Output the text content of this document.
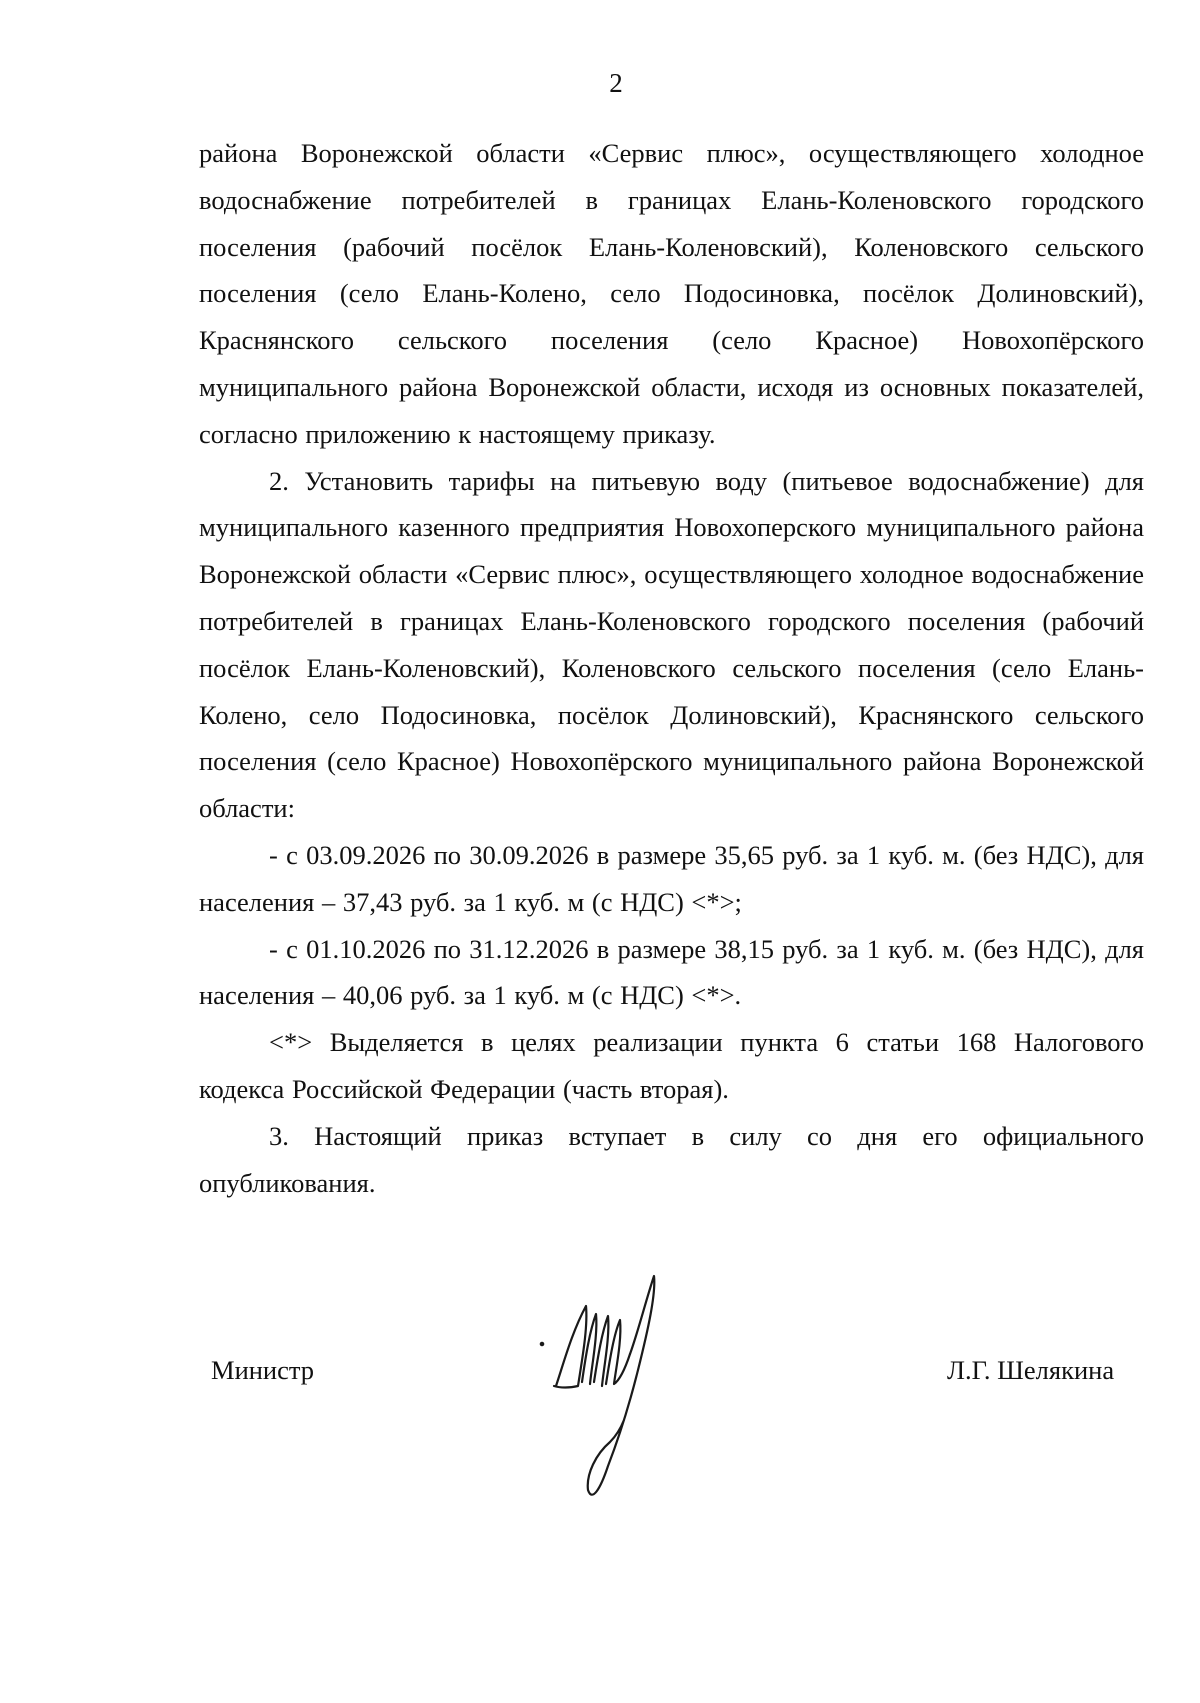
2

района Воронежской области «Сервис плюс», осуществляющего холодное водоснабжение потребителей в границах Елань-Коленовского городского поселения (рабочий посёлок Елань-Коленовский), Коленовского сельского поселения (село Елань-Колено, село Подосиновка, посёлок Долиновский), Краснянского сельского поселения (село Красное) Новохопёрского муниципального района Воронежской области, исходя из основных показателей, согласно приложению к настоящему приказу.

2. Установить тарифы на питьевую воду (питьевое водоснабжение) для муниципального казенного предприятия Новохоперского муниципального района Воронежской области «Сервис плюс», осуществляющего холодное водоснабжение потребителей в границах Елань-Коленовского городского поселения (рабочий посёлок Елань-Коленовский), Коленовского сельского поселения (село Елань-Колено, село Подосиновка, посёлок Долиновский), Краснянского сельского поселения (село Красное) Новохопёрского муниципального района Воронежской области:

- с 03.09.2026 по 30.09.2026 в размере 35,65 руб. за 1 куб. м. (без НДС), для населения – 37,43 руб. за 1 куб. м (с НДС) <*>;

- с 01.10.2026 по 31.12.2026 в размере 38,15 руб. за 1 куб. м. (без НДС), для населения – 40,06 руб. за 1 куб. м (с НДС) <*>.

<*> Выделяется в целях реализации пункта 6 статьи 168 Налогового кодекса Российской Федерации (часть вторая).

3. Настоящий приказ вступает в силу со дня его официального опубликования.

Министр	Л.Г. Шелякина
